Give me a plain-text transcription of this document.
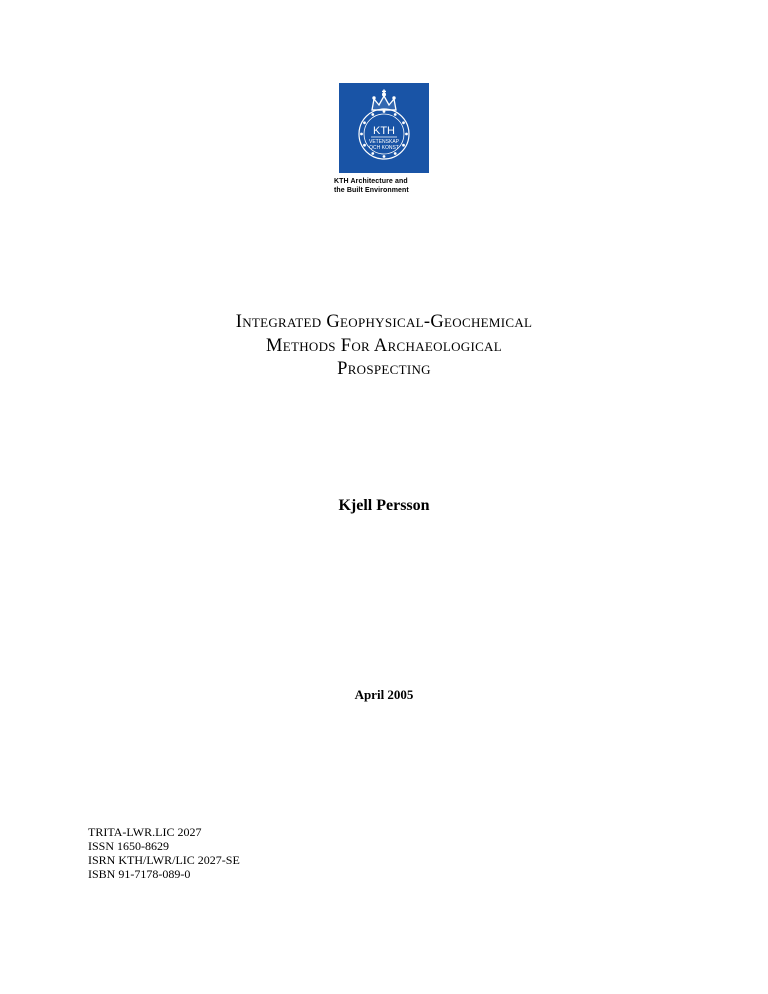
KTH
VETENSKAP
OCH KONST
KTH Architecture and
the Built Environment
Integrated Geophysical-Geochemical
Methods For Archaeological
Prospecting
Kjell Persson
April 2005
TRITA-LWR.LIC 2027
ISSN 1650-8629
ISRN KTH/LWR/LIC 2027-SE
ISBN 91-7178-089-0
